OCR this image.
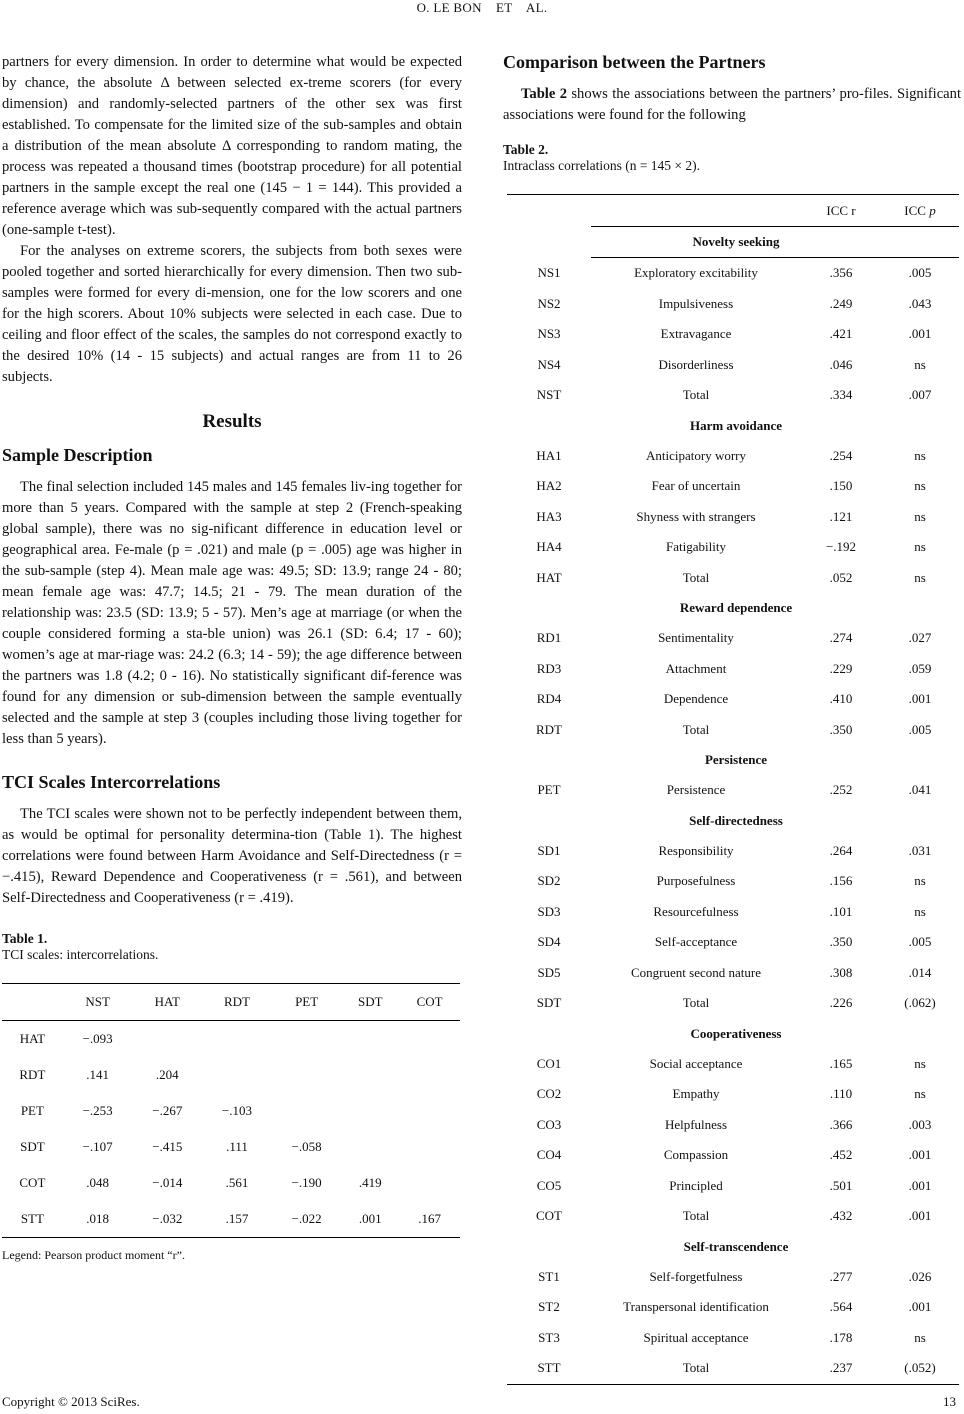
O. LE BON    ET    AL.

partners for every dimension. In order to determine what would be expected by chance, the absolute Δ between selected ex-treme scorers (for every dimension) and randomly-selected partners of the other sex was first established. To compensate for the limited size of the sub-samples and obtain a distribution of the mean absolute Δ corresponding to random mating, the process was repeated a thousand times (bootstrap procedure) for all potential partners in the sample except the real one (145 − 1 = 144). This provided a reference average which was sub-sequently compared with the actual partners (one-sample t-test).

For the analyses on extreme scorers, the subjects from both sexes were pooled together and sorted hierarchically for every dimension. Then two sub-samples were formed for every di-mension, one for the low scorers and one for the high scorers. About 10% subjects were selected in each case. Due to ceiling and floor effect of the scales, the samples do not correspond exactly to the desired 10% (14 - 15 subjects) and actual ranges are from 11 to 26 subjects.

Results
Sample Description

The final selection included 145 males and 145 females liv-ing together for more than 5 years. Compared with the sample at step 2 (French-speaking global sample), there was no sig-nificant difference in education level or geographical area. Fe-male (p = .021) and male (p = .005) age was higher in the sub-sample (step 4). Mean male age was: 49.5; SD: 13.9; range 24 - 80; mean female age was: 47.7; 14.5; 21 - 79. The mean duration of the relationship was: 23.5 (SD: 13.9; 5 - 57). Men’s age at marriage (or when the couple considered forming a sta-ble union) was 26.1 (SD: 6.4; 17 - 60); women’s age at mar-riage was: 24.2 (6.3; 14 - 59); the age difference between the partners was 1.8 (4.2; 0 - 16). No statistically significant dif-ference was found for any dimension or sub-dimension between the sample eventually selected and the sample at step 3 (couples including those living together for less than 5 years).

TCI Scales Intercorrelations

The TCI scales were shown not to be perfectly independent between them, as would be optimal for personality determina-tion (Table 1). The highest correlations were found between Harm Avoidance and Self-Directedness (r = −.415), Reward Dependence and Cooperativeness (r = .561), and between Self-Directedness and Cooperativeness (r = .419).

Table 1.
TCI scales: intercorrelations.
	NST	HAT	RDT	PET	SDT	COT
HAT	−.093					
RDT	.141	.204				
PET	−.253	−.267	−.103			
SDT	−.107	−.415	.111	−.058		
COT	.048	−.014	.561	−.190	.419	
STT	.018	−.032	.157	−.022	.001	.167
Legend: Pearson product moment “r”.
Comparison between the Partners

Table 2 shows the associations between the partners’ pro-files. Significant associations were found for the following

Table 2.
Intraclass correlations (n = 145 × 2).
		ICC r	ICC p
	Novelty seeking		
NS1	Exploratory excitability	.356	.005
NS2	Impulsiveness	.249	.043
NS3	Extravagance	.421	.001
NS4	Disorderliness	.046	ns
NST	Total	.334	.007
	Harm avoidance		
HA1	Anticipatory worry	.254	ns
HA2	Fear of uncertain	.150	ns
HA3	Shyness with strangers	.121	ns
HA4	Fatigability	−.192	ns
HAT	Total	.052	ns
	Reward dependence		
RD1	Sentimentality	.274	.027
RD3	Attachment	.229	.059
RD4	Dependence	.410	.001
RDT	Total	.350	.005
	Persistence		
PET	Persistence	.252	.041
	Self-directedness		
SD1	Responsibility	.264	.031
SD2	Purposefulness	.156	ns
SD3	Resourcefulness	.101	ns
SD4	Self-acceptance	.350	.005
SD5	Congruent second nature	.308	.014
SDT	Total	.226	(.062)
	Cooperativeness		
CO1	Social acceptance	.165	ns
CO2	Empathy	.110	ns
CO3	Helpfulness	.366	.003
CO4	Compassion	.452	.001
CO5	Principled	.501	.001
COT	Total	.432	.001
	Self-transcendence		
ST1	Self-forgetfulness	.277	.026
ST2	Transpersonal identification	.564	.001
ST3	Spiritual acceptance	.178	ns
STT	Total	.237	(.052)
Copyright © 2013 SciRes.	13
